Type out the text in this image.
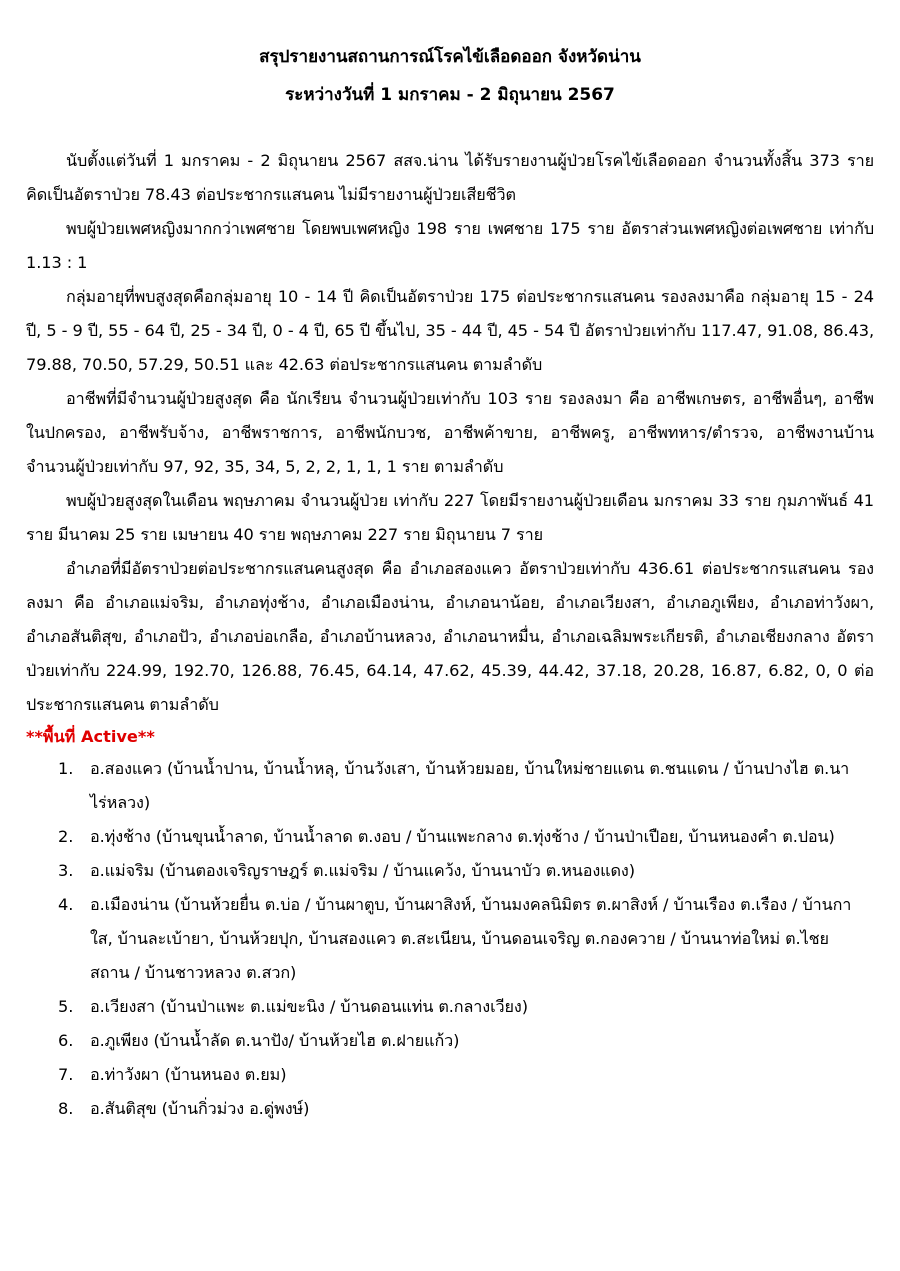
สรุปรายงานสถานการณ์โรคไข้เลือดออก จังหวัดน่าน

ระหว่างวันที่ 1 มกราคม - 2 มิถุนายน 2567

นับตั้งแต่วันที่ 1 มกราคม - 2 มิถุนายน 2567 สสจ.น่าน ได้รับรายงานผู้ป่วยโรคไข้เลือดออก จำนวนทั้งสิ้น 373 ราย คิดเป็นอัตราป่วย 78.43 ต่อประชากรแสนคน ไม่มีรายงานผู้ป่วยเสียชีวิต

พบผู้ป่วยเพศหญิงมากกว่าเพศชาย โดยพบเพศหญิง 198 ราย เพศชาย 175 ราย อัตราส่วนเพศหญิงต่อเพศชาย เท่ากับ 1.13 : 1

กลุ่มอายุที่พบสูงสุดคือกลุ่มอายุ 10 - 14 ปี คิดเป็นอัตราป่วย 175 ต่อประชากรแสนคน รองลงมาคือ กลุ่มอายุ 15 - 24 ปี, 5 - 9 ปี, 55 - 64 ปี, 25 - 34 ปี, 0 - 4 ปี, 65 ปี ขึ้นไป, 35 - 44 ปี, 45 - 54 ปี อัตราป่วยเท่ากับ 117.47, 91.08, 86.43, 79.88, 70.50, 57.29, 50.51 และ 42.63 ต่อประชากรแสนคน ตามลำดับ

อาชีพที่มีจำนวนผู้ป่วยสูงสุด คือ นักเรียน จำนวนผู้ป่วยเท่ากับ 103 ราย รองลงมา คือ อาชีพเกษตร, อาชีพอื่นๆ, อาชีพในปกครอง, อาชีพรับจ้าง, อาชีพราชการ, อาชีพนักบวช, อาชีพค้าขาย, อาชีพครู, อาชีพทหาร/ตำรวจ, อาชีพงานบ้าน จำนวนผู้ป่วยเท่ากับ 97, 92, 35, 34, 5, 2, 2, 1, 1, 1 ราย ตามลำดับ

พบผู้ป่วยสูงสุดในเดือน พฤษภาคม จำนวนผู้ป่วย เท่ากับ 227 โดยมีรายงานผู้ป่วยเดือน มกราคม 33 ราย กุมภาพันธ์ 41 ราย มีนาคม 25 ราย เมษายน 40 ราย พฤษภาคม 227 ราย มิถุนายน 7 ราย

อำเภอที่มีอัตราป่วยต่อประชากรแสนคนสูงสุด คือ อำเภอสองแคว อัตราป่วยเท่ากับ 436.61 ต่อประชากรแสนคน รองลงมา คือ อำเภอแม่จริม, อำเภอทุ่งช้าง, อำเภอเมืองน่าน, อำเภอนาน้อย, อำเภอเวียงสา, อำเภอภูเพียง, อำเภอท่าวังผา, อำเภอสันติสุข, อำเภอปัว, อำเภอบ่อเกลือ, อำเภอบ้านหลวง, อำเภอนาหมื่น, อำเภอเฉลิมพระเกียรติ, อำเภอเชียงกลาง อัตราป่วยเท่ากับ 224.99, 192.70, 126.88, 76.45, 64.14, 47.62, 45.39, 44.42, 37.18, 20.28, 16.87, 6.82, 0, 0 ต่อประชากรแสนคน ตามลำดับ

**พื้นที่ Active**

1. อ.สองแคว (บ้านน้ำปาน, บ้านน้ำหลุ, บ้านวังเสา, บ้านห้วยมอย, บ้านใหม่ชายแดน ต.ชนแดน / บ้านปางไฮ ต.นาไร่หลวง)
2. อ.ทุ่งช้าง (บ้านขุนน้ำลาด, บ้านน้ำลาด ต.งอบ / บ้านแพะกลาง ต.ทุ่งช้าง / บ้านป่าเปือย, บ้านหนองคำ ต.ปอน)
3. อ.แม่จริม (บ้านตองเจริญราษฎร์ ต.แม่จริม / บ้านแคว้ง, บ้านนาบัว ต.หนองแดง)
4. อ.เมืองน่าน (บ้านห้วยยื่น ต.บ่อ / บ้านผาตูบ, บ้านผาสิงห์, บ้านมงคลนิมิตร ต.ผาสิงห์ / บ้านเรือง ต.เรือง / บ้านกาใส, บ้านละเบ้ายา, บ้านห้วยปุก, บ้านสองแคว ต.สะเนียน, บ้านดอนเจริญ ต.กองควาย / บ้านนาท่อใหม่ ต.ไชยสถาน / บ้านชาวหลวง ต.สวก)
5. อ.เวียงสา (บ้านป่าแพะ ต.แม่ขะนิง / บ้านดอนแท่น ต.กลางเวียง)
6. อ.ภูเพียง (บ้านน้ำลัด ต.นาปัง/ บ้านห้วยไฮ ต.ฝายแก้ว)
7. อ.ท่าวังผา (บ้านหนอง ต.ยม)
8. อ.สันติสุข (บ้านกิ่วม่วง อ.ดู่พงษ์)
